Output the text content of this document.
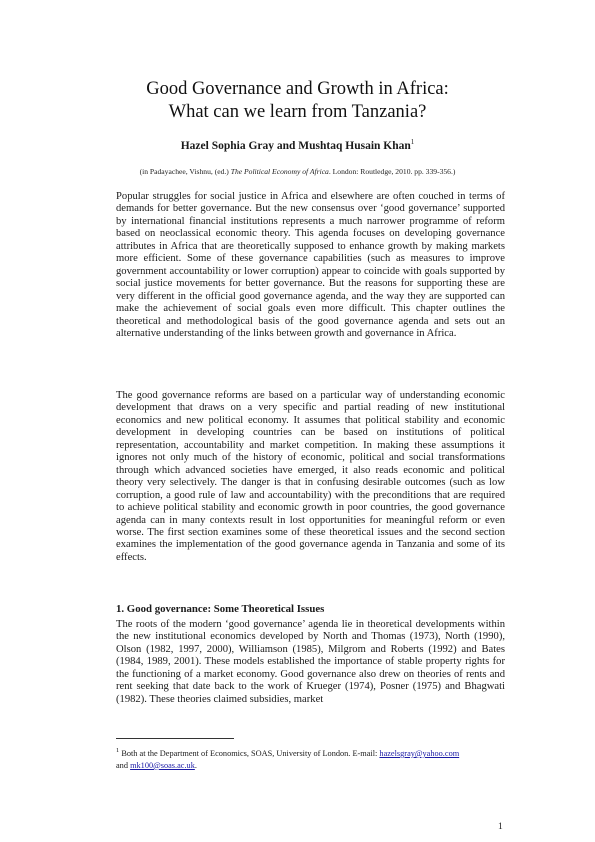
Good Governance and Growth in Africa:
What can we learn from Tanzania?
Hazel Sophia Gray and Mushtaq Husain Khan$^1$
(in Padayachee, Vishnu, (ed.) The Political Economy of Africa. London: Routledge, 2010. pp. 339-356.)

Popular struggles for social justice in Africa and elsewhere are often couched in terms of demands for better governance. But the new consensus over ‘good governance’ supported by international financial institutions represents a much narrower programme of reform based on neoclassical economic theory. This agenda focuses on developing governance attributes in Africa that are theoretically supposed to enhance growth by making markets more efficient. Some of these governance capabilities (such as measures to improve government accountability or lower corruption) appear to coincide with goals supported by social justice movements for better governance. But the reasons for supporting these are very different in the official good governance agenda, and the way they are supported can make the achievement of social goals even more difficult. This chapter outlines the theoretical and methodological basis of the good governance agenda and sets out an alternative understanding of the links between growth and governance in Africa.

The good governance reforms are based on a particular way of understanding economic development that draws on a very specific and partial reading of new institutional economics and new political economy. It assumes that political stability and economic development in developing countries can be based on institutions of political representation, accountability and market competition. In making these assumptions it ignores not only much of the history of economic, political and social transformations through which advanced societies have emerged, it also reads economic and political theory very selectively. The danger is that in confusing desirable outcomes (such as low corruption, a good rule of law and accountability) with the preconditions that are required to achieve political stability and economic growth in poor countries, the good governance agenda can in many contexts result in lost opportunities for meaningful reform or even worse. The first section examines some of these theoretical issues and the second section examines the implementation of the good governance agenda in Tanzania and some of its effects.

1. Good governance: Some Theoretical Issues

The roots of the modern ‘good governance’ agenda lie in theoretical developments within the new institutional economics developed by North and Thomas (1973), North (1990), Olson (1982, 1997, 2000), Williamson (1985), Milgrom and Roberts (1992) and Bates (1984, 1989, 2001). These models established the importance of stable property rights for the functioning of a market economy. Good governance also drew on theories of rents and rent seeking that date back to the work of Krueger (1974), Posner (1975) and Bhagwati (1982). These theories claimed subsidies, market

$^1$ Both at the Department of Economics, SOAS, University of London. E-mail: hazelsgray@yahoo.com
and mk100@soas.ac.uk.
1
